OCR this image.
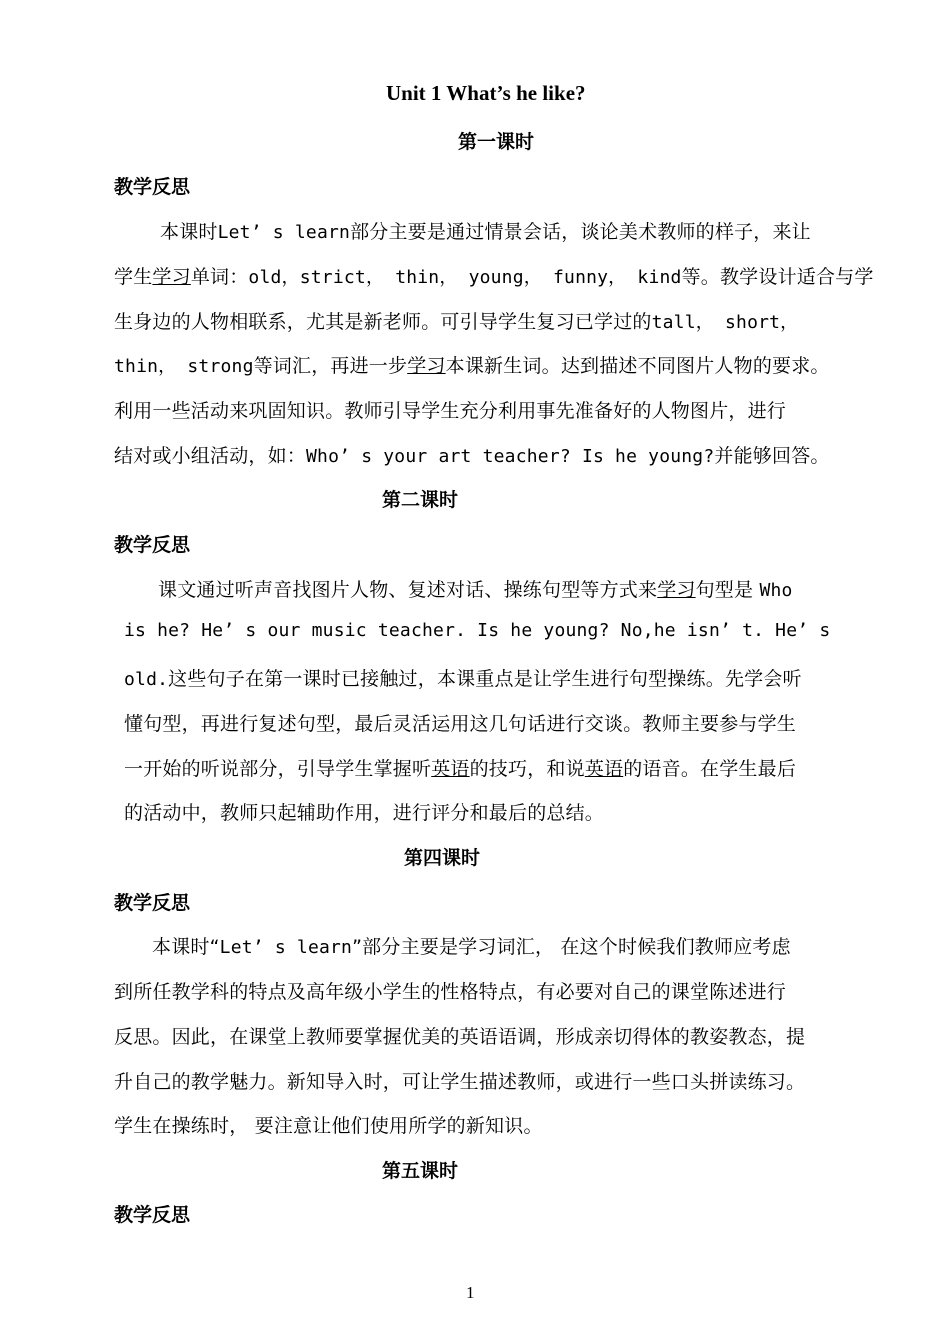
Unit 1 What’s he like?
第一课时
教学反思
本课时Let’ s learn部分主要是通过情景会话，谈论美术教师的样子，来让
学生学习单词：old，strict， thin， young， funny， kind等。教学设计适合与学
生身边的人物相联系，尤其是新老师。可引导学生复习已学过的tall， short，
thin， strong等词汇，再进一步学习本课新生词。达到描述不同图片人物的要求。
利用一些活动来巩固知识。教师引导学生充分利用事先准备好的人物图片，进行
结对或小组活动，如：Who’ s your art teacher? Is he young?并能够回答。
第二课时
教学反思
课文通过听声音找图片人物、复述对话、操练句型等方式来学习句型是 Who
is he? He’ s our music teacher. Is he young? No,he isn’ t. He’ s
old.这些句子在第一课时已接触过，本课重点是让学生进行句型操练。先学会听
懂句型，再进行复述句型，最后灵活运用这几句话进行交谈。教师主要参与学生
一开始的听说部分，引导学生掌握听英语的技巧，和说英语的语音。在学生最后
的活动中，教师只起辅助作用，进行评分和最后的总结。
第四课时
教学反思
本课时“Let’ s learn”部分主要是学习词汇， 在这个时候我们教师应考虑
到所任教学科的特点及高年级小学生的性格特点，有必要对自己的课堂陈述进行
反思。因此，在课堂上教师要掌握优美的英语语调，形成亲切得体的教姿教态，提
升自己的教学魅力。新知导入时，可让学生描述教师，或进行一些口头拼读练习。
学生在操练时， 要注意让他们使用所学的新知识。
第五课时
教学反思
1
